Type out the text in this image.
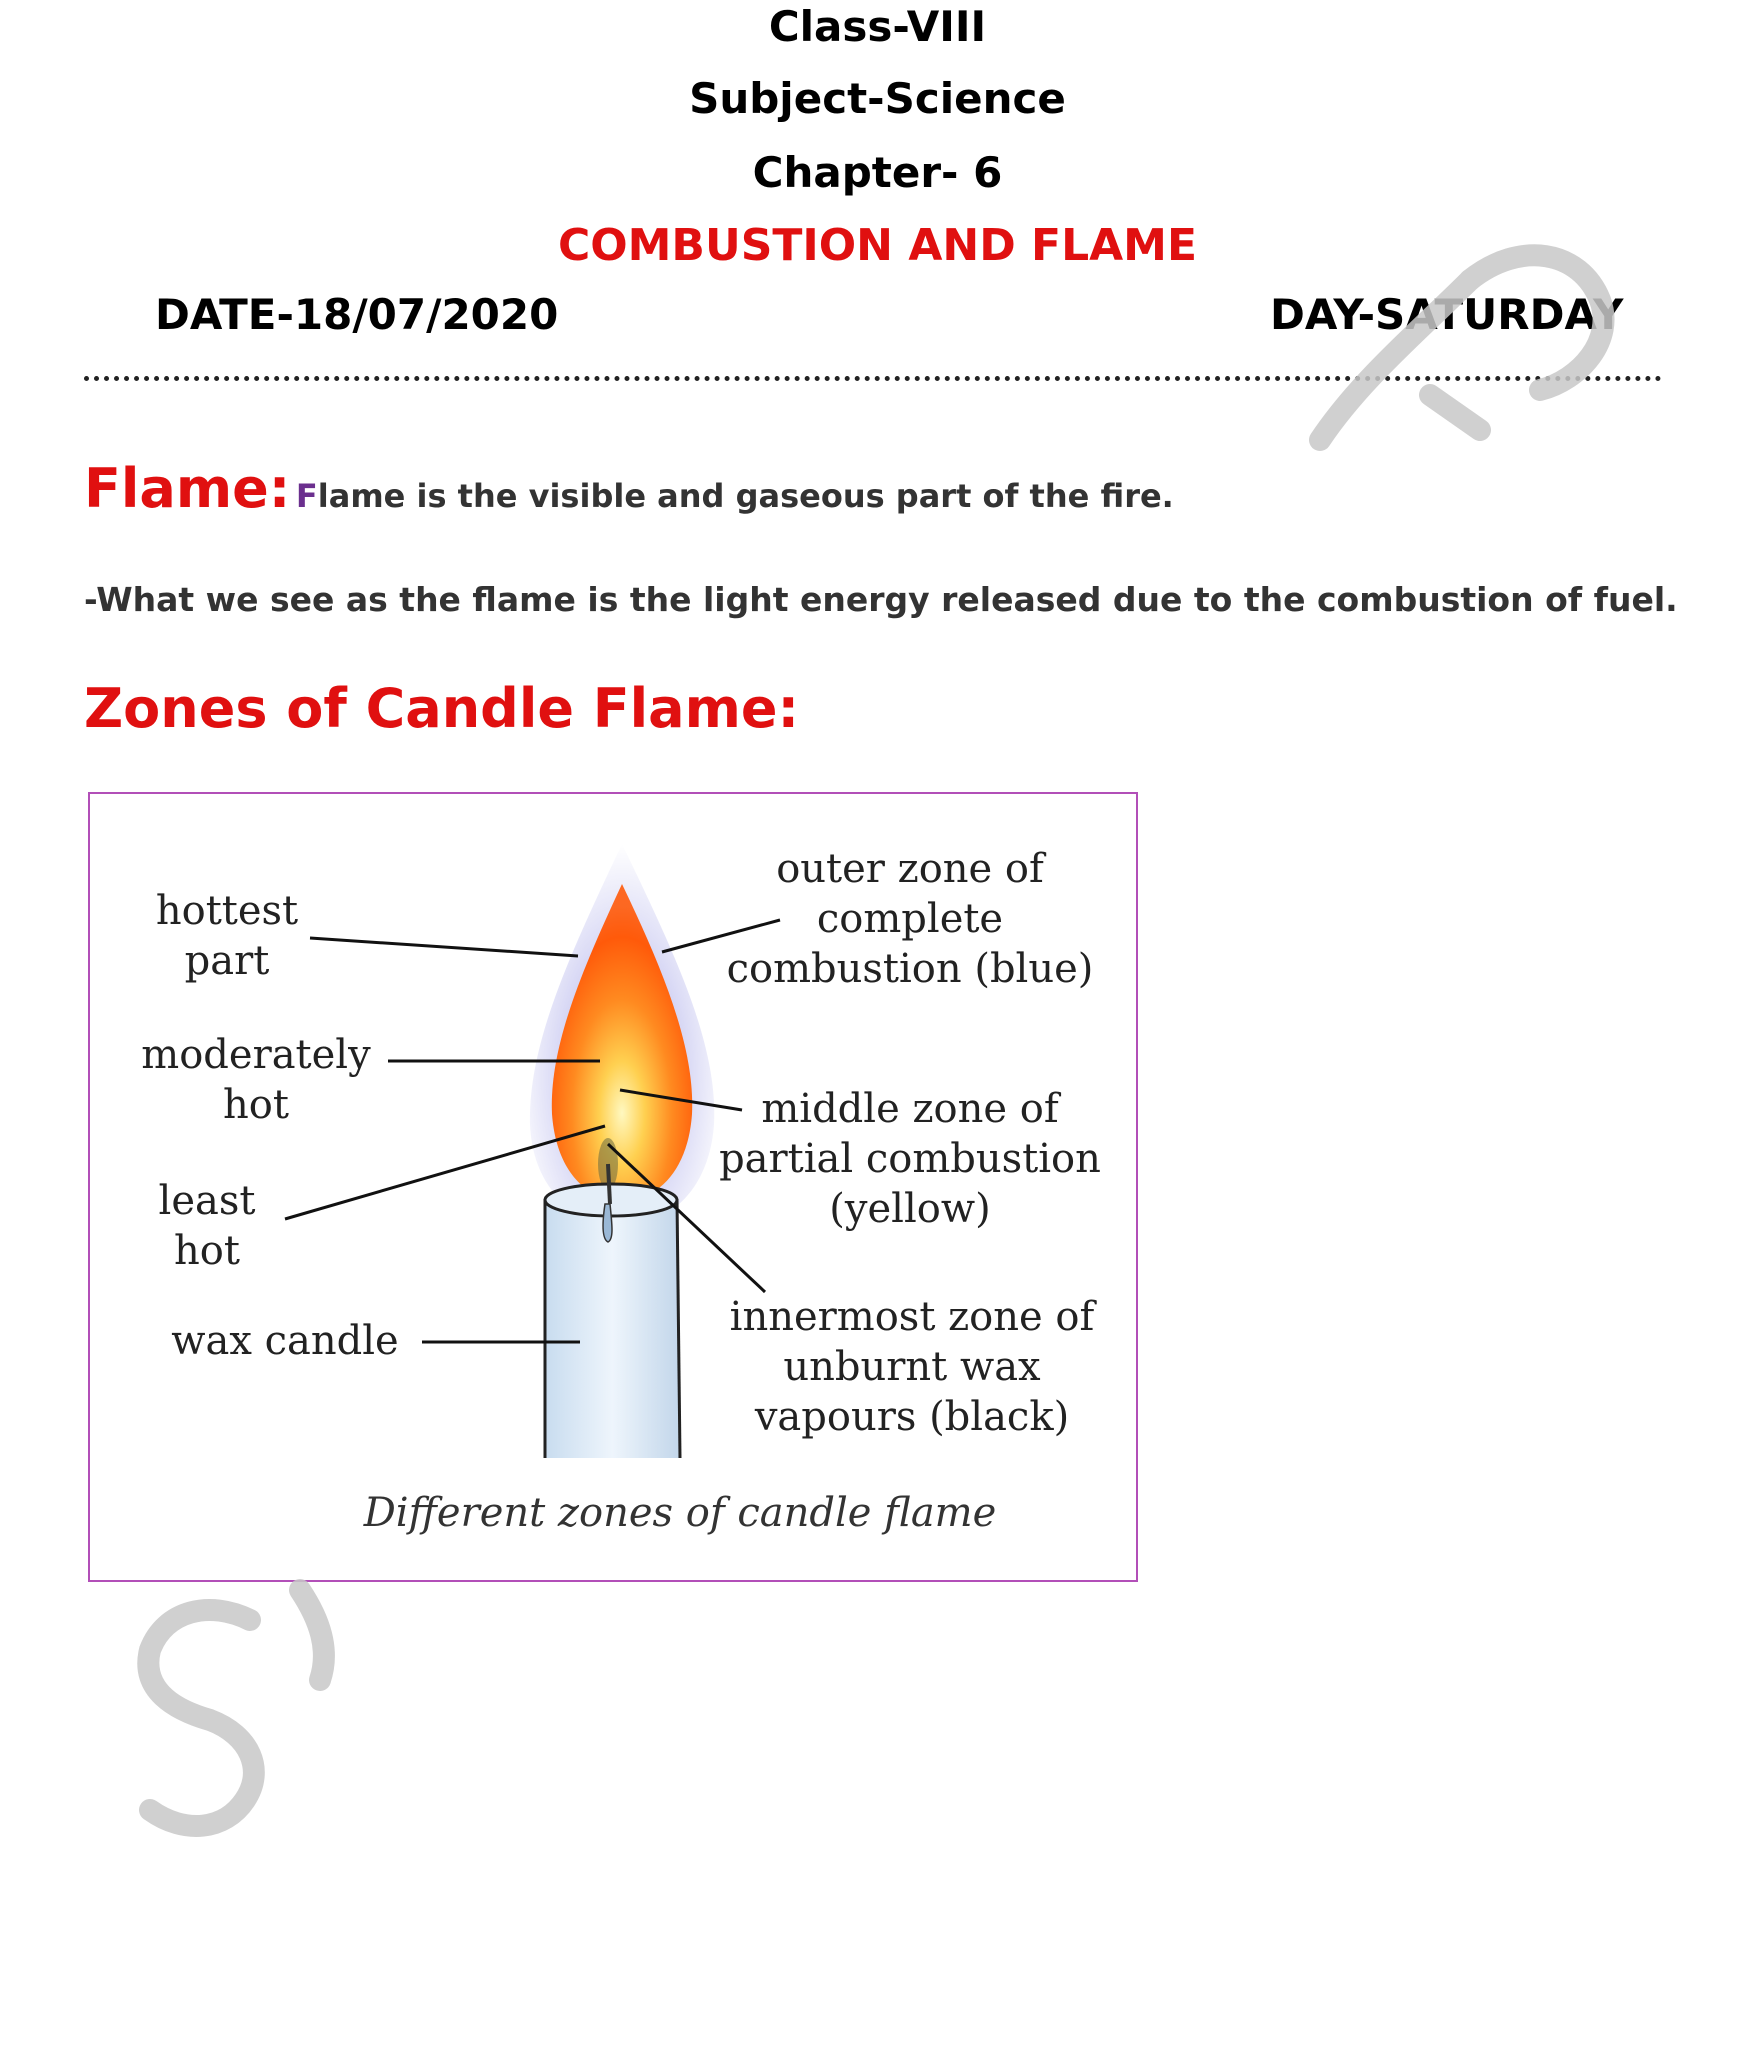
Class-VIII
Subject-Science
Chapter- 6
COMBUSTION AND FLAME
DATE-18/07/2020	DAY-SATURDAY
Flame: Flame is the visible and gaseous part of the fire.
-What we see as the flame is the light energy released due to the combustion of fuel.
Zones of Candle Flame:
hottest
part
moderately
hot
least
hot
wax candle
outer zone of
complete
combustion (blue)
middle zone of
partial combustion
(yellow)
innermost zone of
unburnt wax
vapours (black)
Different zones of candle flame
